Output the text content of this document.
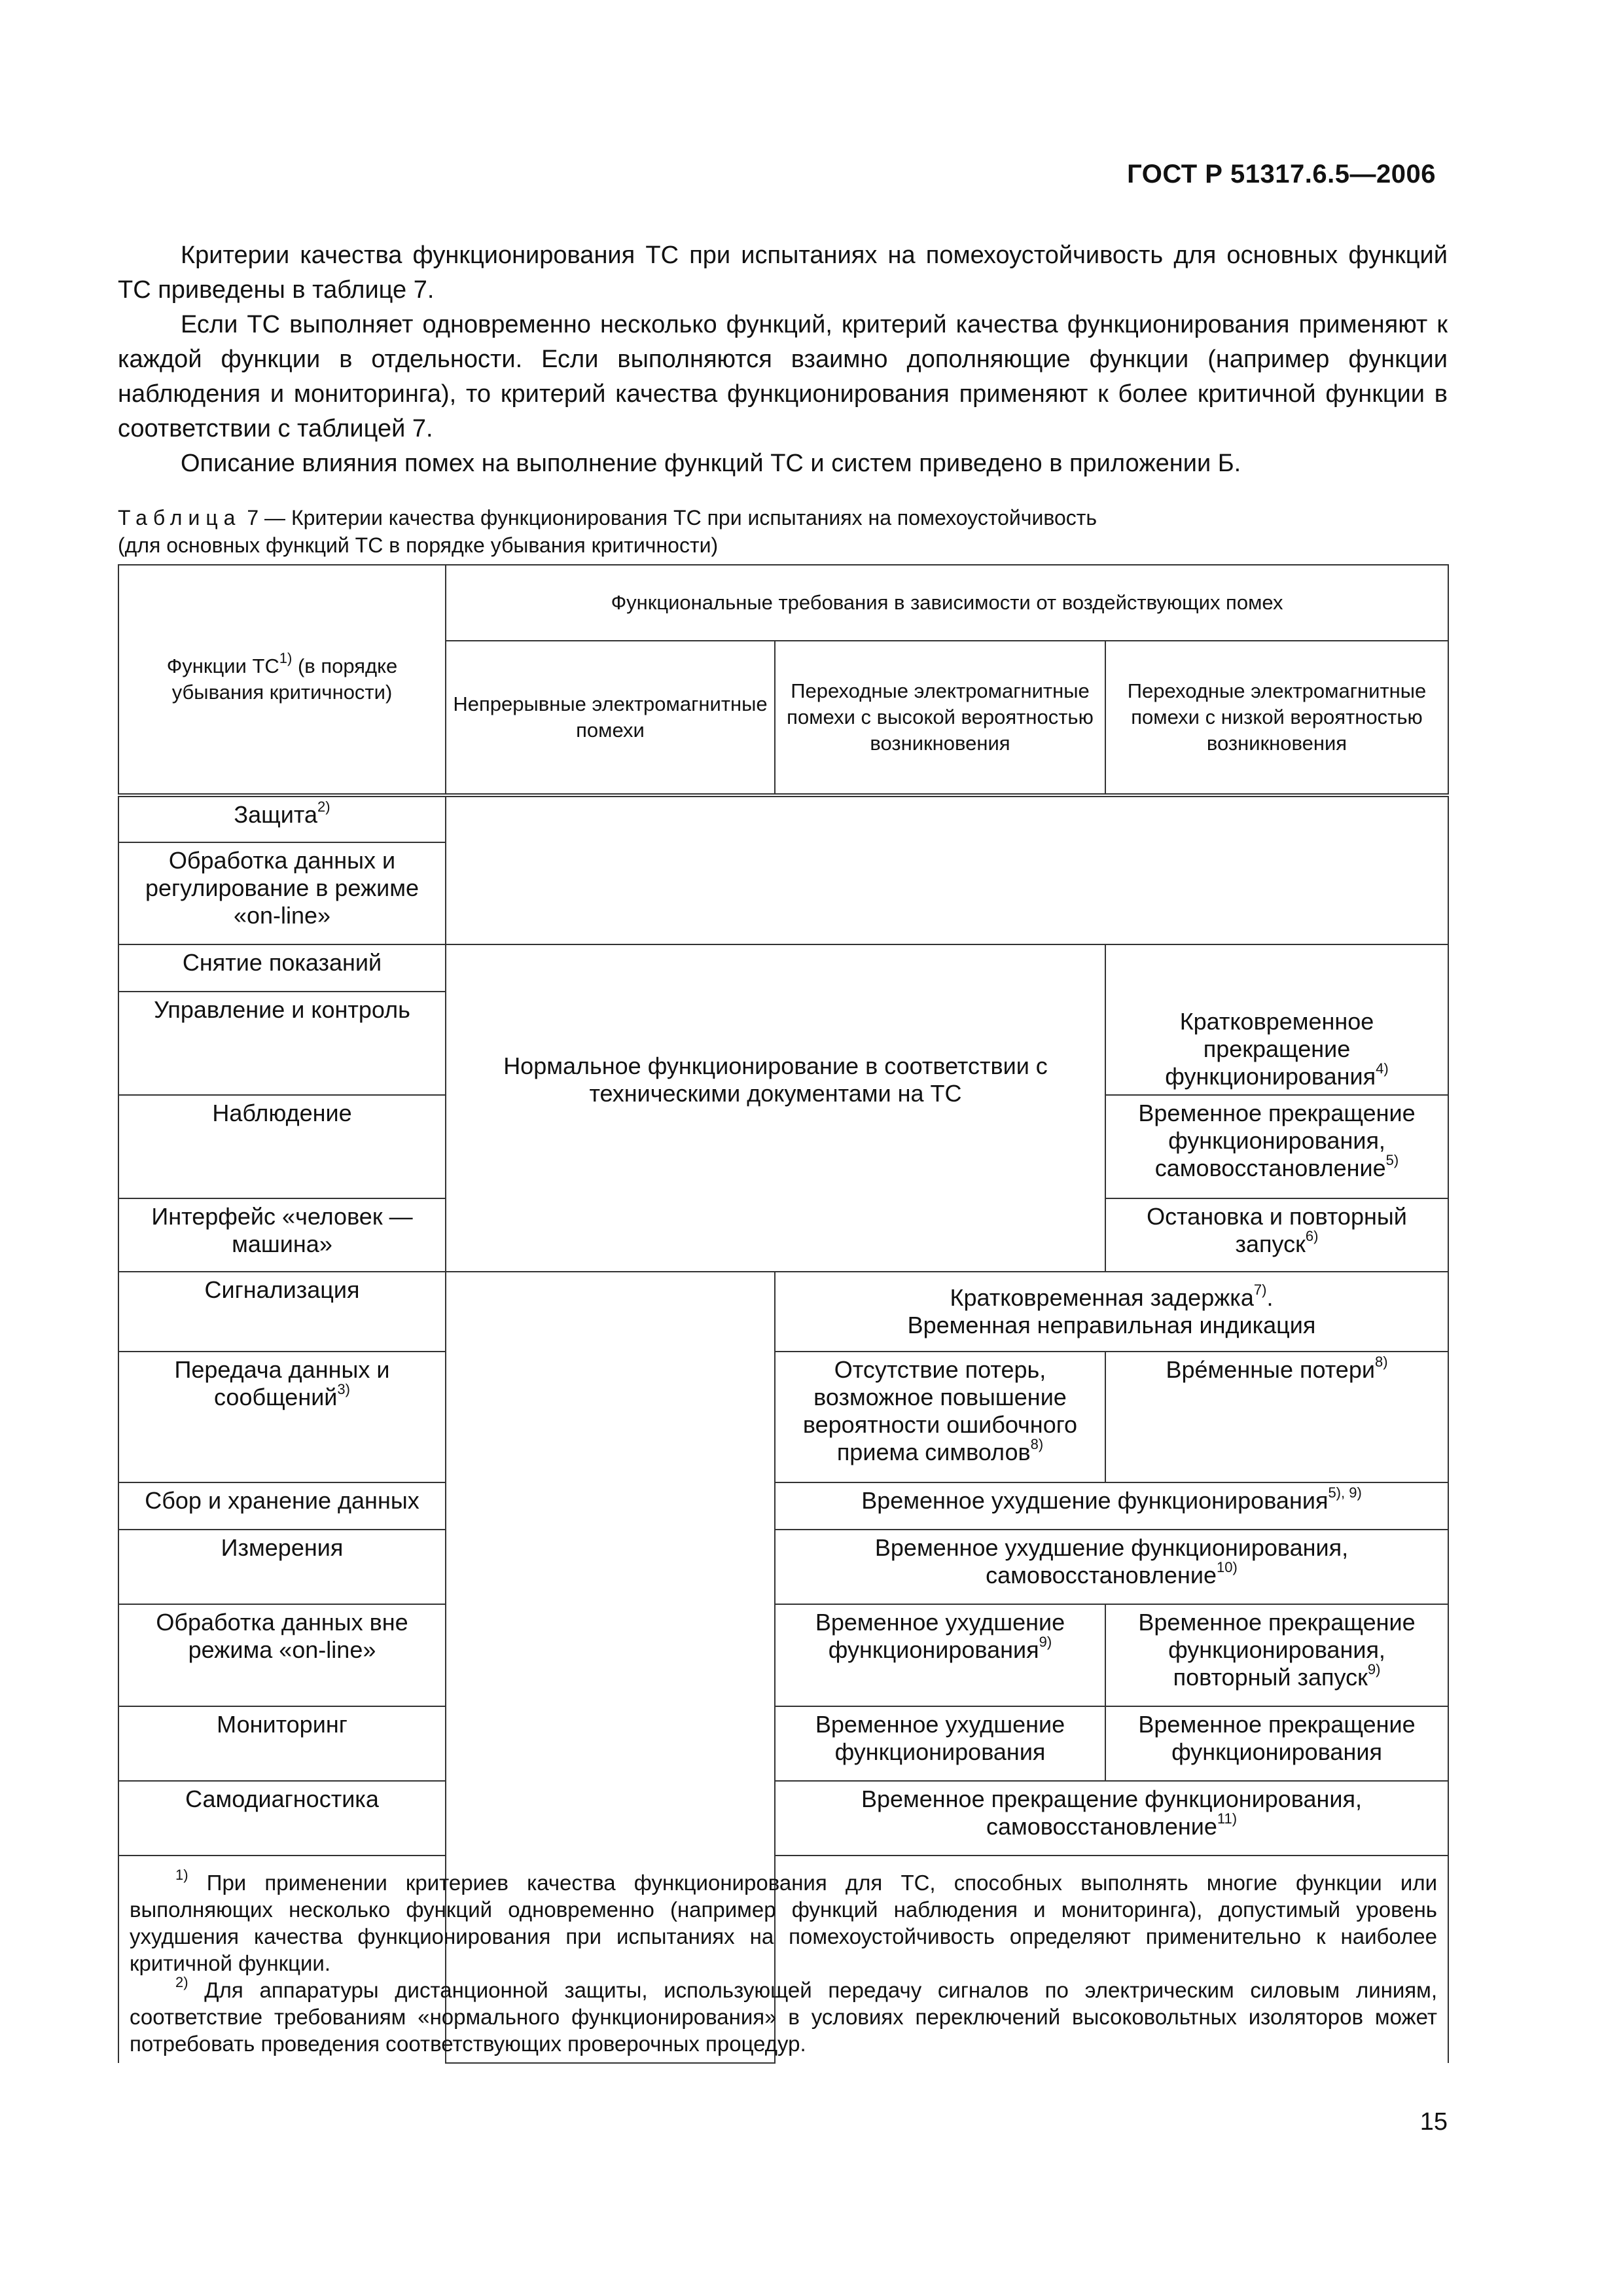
ГОСТ Р 51317.6.5—2006

Критерии качества функционирования ТС при испытаниях на помехоустойчивость для основных функций ТС приведены в таблице 7.

Если ТС выполняет одновременно несколько функций, критерий качества функционирования применяют к каждой функции в отдельности. Если выполняются взаимно дополняющие функции (например функции наблюдения и мониторинга), то критерий качества функционирования применяют к более критичной функции в соответствии с таблицей 7.

Описание влияния помех на выполнение функций ТС и систем приведено в приложении Б.

Таблица 7 — Критерии качества функционирования ТС при испытаниях на помехоустойчивость
(для основных функций ТС в порядке убывания критичности)
Функции ТС$^{1)}$ (в порядке убывания критичности)	Функциональные требования в зависимости от воздействующих помех		
	Непрерывные электромагнитные помехи	Переходные электромагнитные помехи с высокой вероятностью возникновения	Переходные электромагнитные помехи с низкой вероятностью возникновения
Защита$^{2)}$	
Обработка данных и регулирование в режиме «on-line»			
Снятие показаний	Нормальное функционирование в соответствии с техническими документами на ТС		Кратковременное прекращение функционирования$^{4)}$
Управление и контроль			
Наблюдение			Временное прекращение функционирования, самовосстановление$^{5)}$
Интерфейс «человек — машина»			Остановка и повторный запуск$^{6)}$

Сигнализация		Кратковременная задержка$^{7)}$.
Временная неправильная индикация	
Передача данных и сообщений$^{3)}$		Отсутствие потерь, возможное повышение вероятности ошибочного приема символов$^{8)}$	Вре́менные потери$^{8)}$
Сбор и хранение данных		Временное ухудшение функционирования$^{5), 9)}$
Измерения		Временное ухудшение функционирования, самовосстановление$^{10)}$
Обработка данных вне режима «on-line»		Временное ухудшение функционирования$^{9)}$	Временное прекращение функционирования, повторный запуск$^{9)}$
Мониторинг		Временное ухудшение функционирования	Временное прекращение функционирования
Самодиагностика		Временное прекращение функционирования, самовосстановление$^{11)}$

$^{1)}$ При применении критериев качества функционирования для ТС, способных выполнять многие функции или выполняющих несколько функций одновременно (например функций наблюдения и мониторинга), допустимый уровень ухудшения качества функционирования при испытаниях на помехоустойчивость определяют применительно к наиболее критичной функции.

$^{2)}$ Для аппаратуры дистанционной защиты, использующей передачу сигналов по электрическим силовым линиям, соответствие требованиям «нормального функционирования» в условиях переключений высоковольтных изоляторов может потребовать проведения соответствующих проверочных процедур.			

15
